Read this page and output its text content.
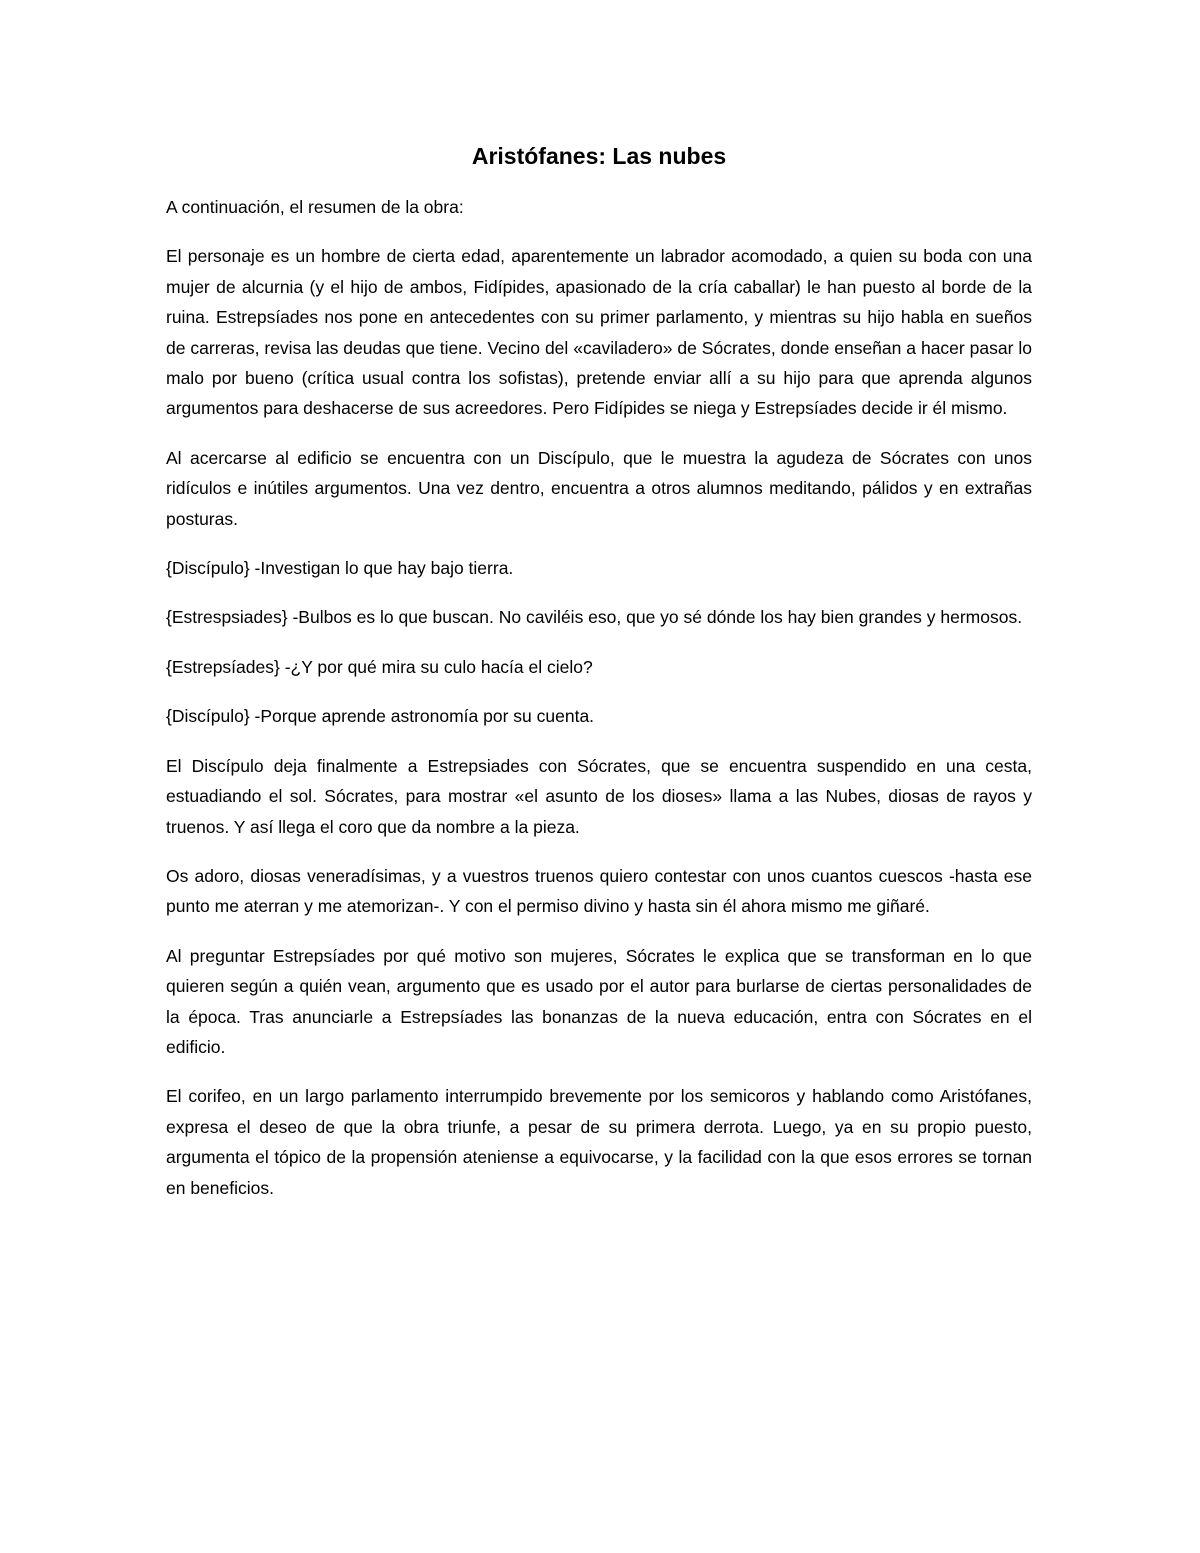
Aristófanes: Las nubes

A continuación, el resumen de la obra:

El personaje es un hombre de cierta edad, aparentemente un labrador acomodado, a quien su boda con una mujer de alcurnia (y el hijo de ambos, Fidípides, apasionado de la cría caballar) le han puesto al borde de la ruina. Estrepsíades nos pone en antecedentes con su primer parlamento, y mientras su hijo habla en sueños de carreras, revisa las deudas que tiene. Vecino del «caviladero» de Sócrates, donde enseñan a hacer pasar lo malo por bueno (crítica usual contra los sofistas), pretende enviar allí a su hijo para que aprenda algunos argumentos para deshacerse de sus acreedores. Pero Fidípides se niega y Estrepsíades decide ir él mismo.

Al acercarse al edificio se encuentra con un Discípulo, que le muestra la agudeza de Sócrates con unos ridículos e inútiles argumentos. Una vez dentro, encuentra a otros alumnos meditando, pálidos y en extrañas posturas.

{Discípulo} -Investigan lo que hay bajo tierra.

{Estrespsiades} -Bulbos es lo que buscan. No caviléis eso, que yo sé dónde los hay bien grandes y hermosos.

{Estrepsíades} -¿Y por qué mira su culo hacía el cielo?

{Discípulo} -Porque aprende astronomía por su cuenta.

El Discípulo deja finalmente a Estrepsiades con Sócrates, que se encuentra suspendido en una cesta, estuadiando el sol. Sócrates, para mostrar «el asunto de los dioses» llama a las Nubes, diosas de rayos y truenos. Y así llega el coro que da nombre a la pieza.

Os adoro, diosas veneradísimas, y a vuestros truenos quiero contestar con unos cuantos cuescos -hasta ese punto me aterran y me atemorizan-. Y con el permiso divino y hasta sin él ahora mismo me giñaré.

Al preguntar Estrepsíades por qué motivo son mujeres, Sócrates le explica que se transforman en lo que quieren según a quién vean, argumento que es usado por el autor para burlarse de ciertas personalidades de la época. Tras anunciarle a Estrepsíades las bonanzas de la nueva educación, entra con Sócrates en el edificio.

El corifeo, en un largo parlamento interrumpido brevemente por los semicoros y hablando como Aristófanes, expresa el deseo de que la obra triunfe, a pesar de su primera derrota. Luego, ya en su propio puesto, argumenta el tópico de la propensión ateniense a equivocarse, y la facilidad con la que esos errores se tornan en beneficios.
